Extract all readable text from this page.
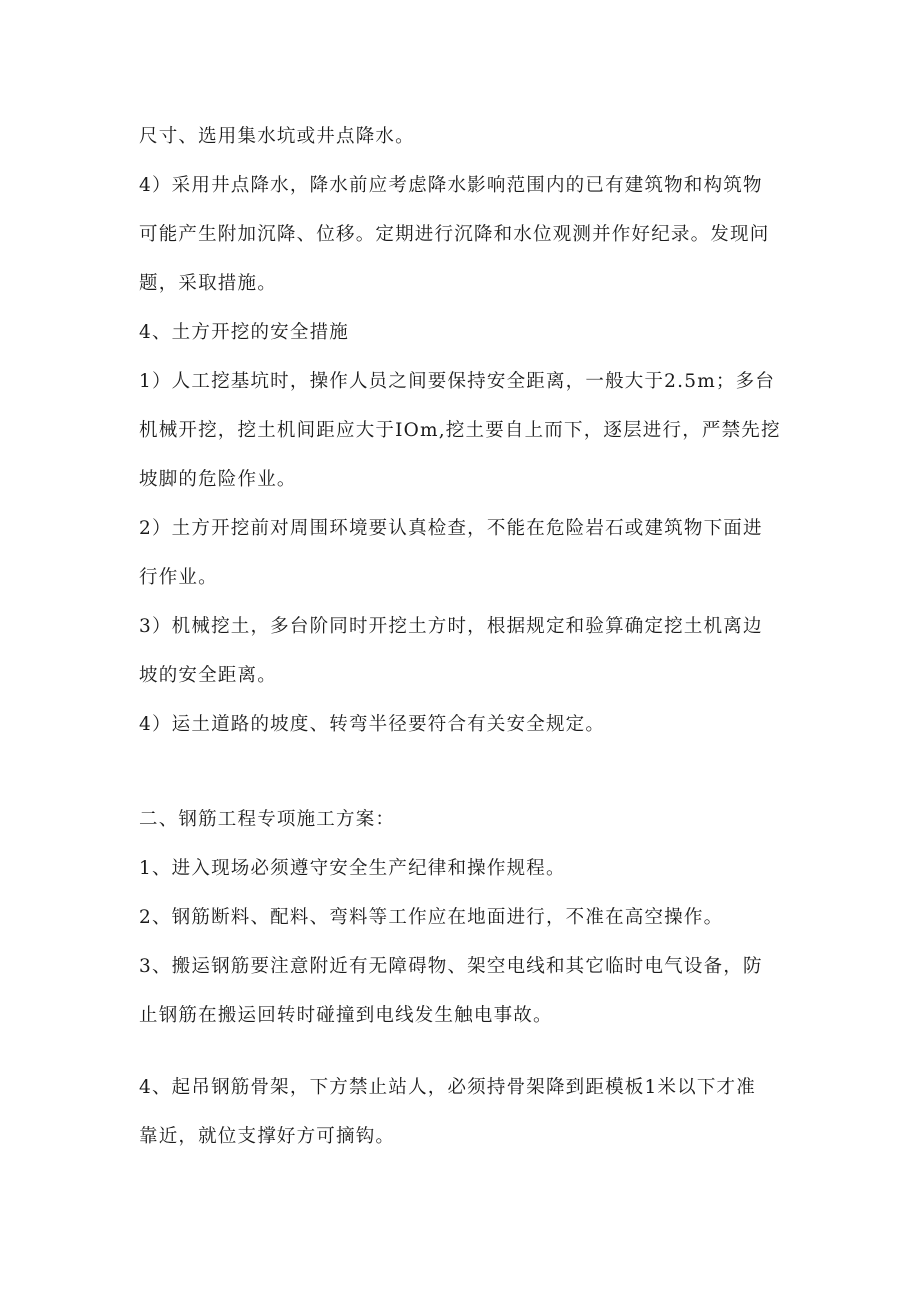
尺寸、选用集水坑或井点降水。
4）采用井点降水，降水前应考虑降水影响范围内的已有建筑物和构筑物
可能产生附加沉降、位移。定期进行沉降和水位观测并作好纪录。发现问
题，采取措施。
4、土方开挖的安全措施
1）人工挖基坑时，操作人员之间要保持安全距离，一般大于2.5m；多台
机械开挖，挖土机间距应大于IOm,挖土要自上而下，逐层进行，严禁先挖
坡脚的危险作业。
2）土方开挖前对周围环境要认真检查，不能在危险岩石或建筑物下面进
行作业。
3）机械挖土，多台阶同时开挖土方时，根据规定和验算确定挖土机离边
坡的安全距离。
4）运土道路的坡度、转弯半径要符合有关安全规定。
二、钢筋工程专项施工方案：
1、进入现场必须遵守安全生产纪律和操作规程。
2、钢筋断料、配料、弯料等工作应在地面进行，不准在高空操作。
3、搬运钢筋要注意附近有无障碍物、架空电线和其它临时电气设备，防
止钢筋在搬运回转时碰撞到电线发生触电事故。
4、起吊钢筋骨架，下方禁止站人，必须持骨架降到距模板1米以下才准
靠近，就位支撑好方可摘钩。
